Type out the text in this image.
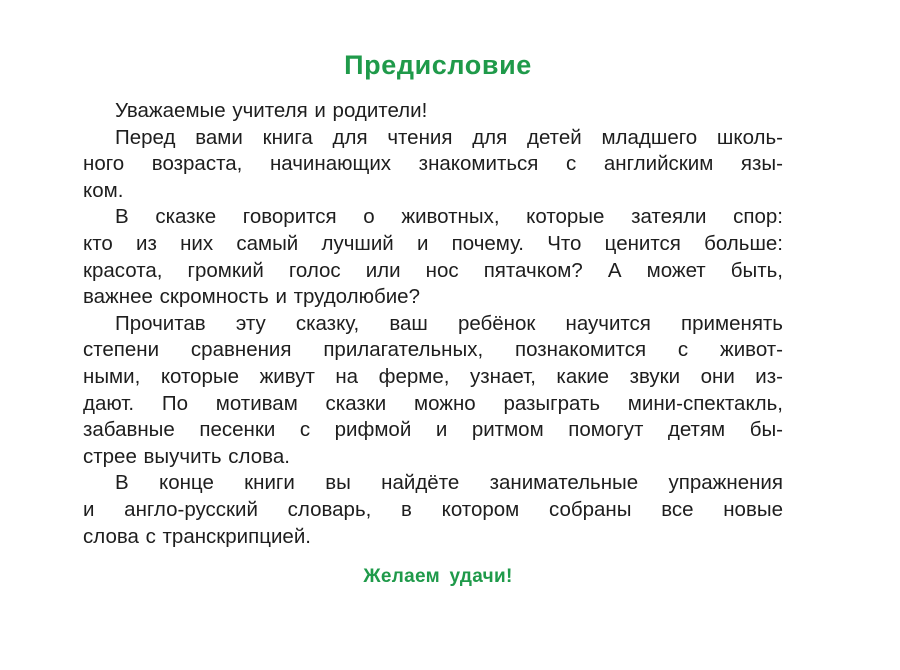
Предисловие
Уважаемые учителя и родители!
Перед вами книга для чтения для детей младшего школь-
ного возраста, начинающих знакомиться с английским язы-
ком.
В сказке говорится о животных, которые затеяли спор:
кто из них самый лучший и почему. Что ценится больше:
красота, громкий голос или нос пятачком? А может быть,
важнее скромность и трудолюбие?
Прочитав эту сказку, ваш ребёнок научится применять
степени сравнения прилагательных, познакомится с живот-
ными, которые живут на ферме, узнает, какие звуки они из-
дают. По мотивам сказки можно разыграть мини-спектакль,
забавные песенки с рифмой и ритмом помогут детям бы-
стрее выучить слова.
В конце книги вы найдёте занимательные упражнения
и англо-русский словарь, в котором собраны все новые
слова с транскрипцией.

Желаем удачи!
